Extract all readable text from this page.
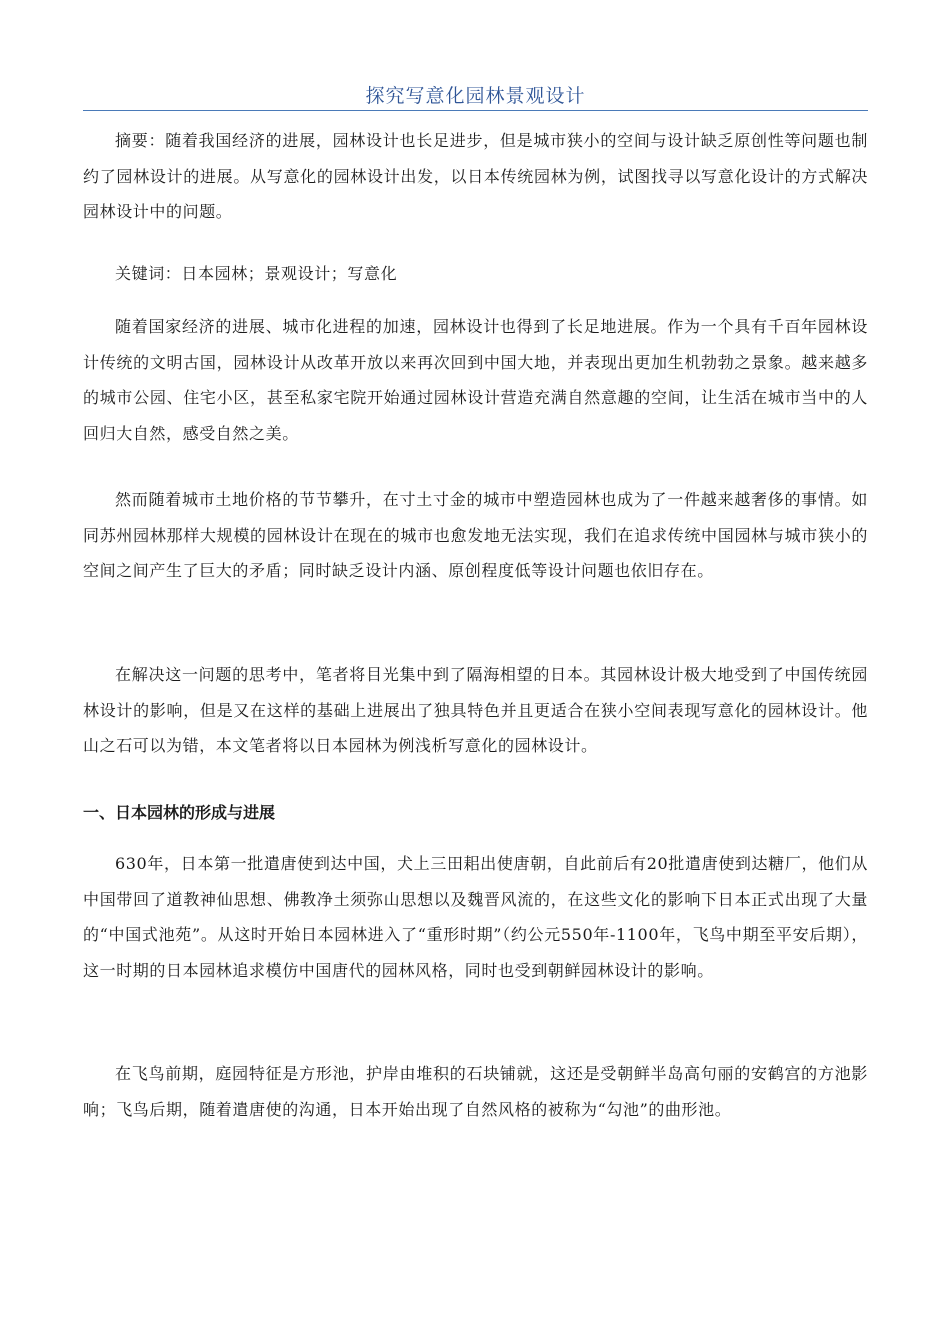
探究写意化园林景观设计

摘要：随着我国经济的进展，园林设计也长足进步，但是城市狭小的空间与设计缺乏原创性等问题也制约了园林设计的进展。从写意化的园林设计出发，以日本传统园林为例，试图找寻以写意化设计的方式解决园林设计中的问题。

关键词：日本园林；景观设计；写意化

随着国家经济的进展、城市化进程的加速，园林设计也得到了长足地进展。作为一个具有千百年园林设计传统的文明古国，园林设计从改革开放以来再次回到中国大地，并表现出更加生机勃勃之景象。越来越多的城市公园、住宅小区，甚至私家宅院开始通过园林设计营造充满自然意趣的空间，让生活在城市当中的人回归大自然，感受自然之美。

然而随着城市土地价格的节节攀升，在寸土寸金的城市中塑造园林也成为了一件越来越奢侈的事情。如同苏州园林那样大规模的园林设计在现在的城市也愈发地无法实现，我们在追求传统中国园林与城市狭小的空间之间产生了巨大的矛盾；同时缺乏设计内涵、原创程度低等设计问题也依旧存在。

在解决这一问题的思考中，笔者将目光集中到了隔海相望的日本。其园林设计极大地受到了中国传统园林设计的影响，但是又在这样的基础上进展出了独具特色并且更适合在狭小空间表现写意化的园林设计。他山之石可以为错，本文笔者将以日本园林为例浅析写意化的园林设计。

一、日本园林的形成与进展

630年，日本第一批遣唐使到达中国，犬上三田耜出使唐朝，自此前后有20批遣唐使到达糖厂，他们从中国带回了道教神仙思想、佛教净土须弥山思想以及魏晋风流的，在这些文化的影响下日本正式出现了大量的“中国式池苑”。从这时开始日本园林进入了“重形时期”（约公元550年-1100年，飞鸟中期至平安后期），这一时期的日本园林追求模仿中国唐代的园林风格，同时也受到朝鲜园林设计的影响。

在飞鸟前期，庭园特征是方形池，护岸由堆积的石块铺就，这还是受朝鲜半岛高句丽的安鹤宫的方池影响；飞鸟后期，随着遣唐使的沟通，日本开始出现了自然风格的被称为“勾池”的曲形池。
